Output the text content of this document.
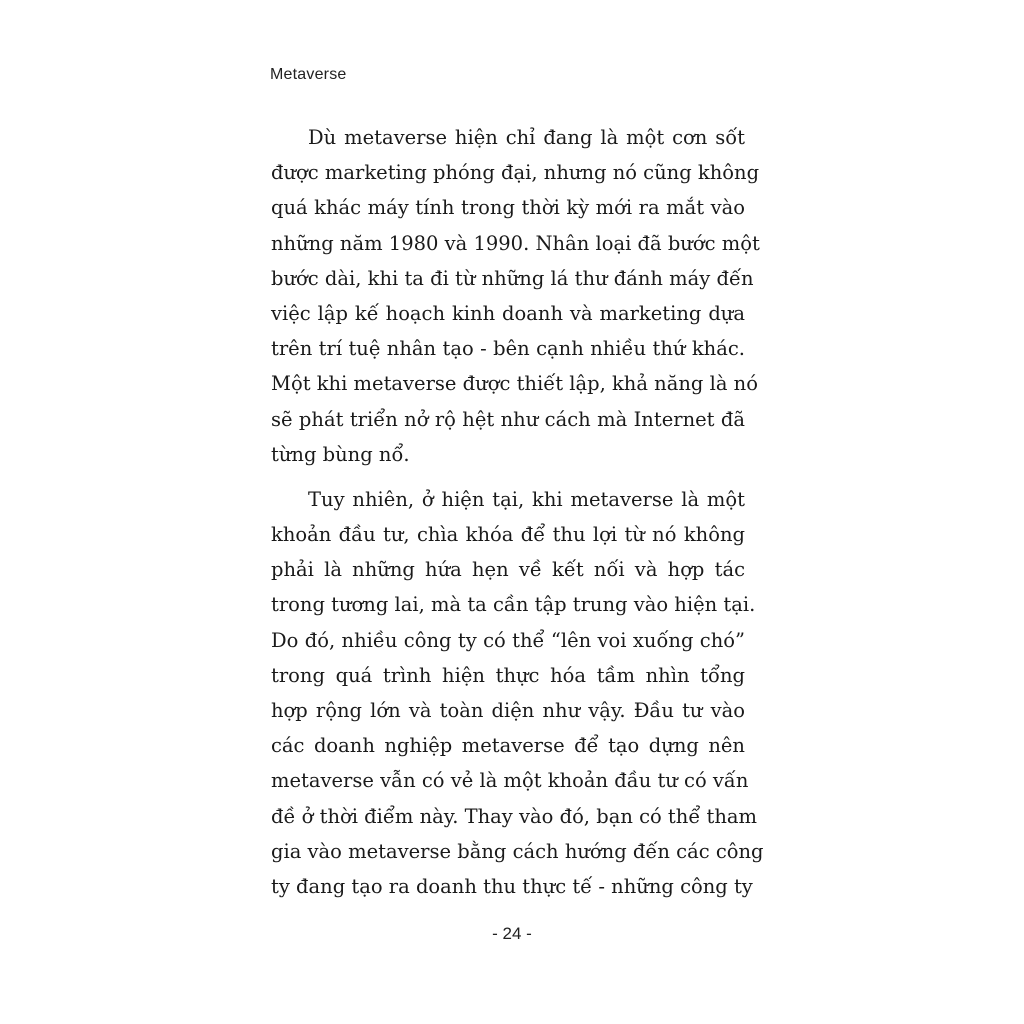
Metaverse

Dù metaverse hiện chỉ đang là một cơn sốt
được marketing phóng đại, nhưng nó cũng không
quá khác máy tính trong thời kỳ mới ra mắt vào
những năm 1980 và 1990. Nhân loại đã bước một
bước dài, khi ta đi từ những lá thư đánh máy đến
việc lập kế hoạch kinh doanh và marketing dựa
trên trí tuệ nhân tạo - bên cạnh nhiều thứ khác.
Một khi metaverse được thiết lập, khả năng là nó
sẽ phát triển nở rộ hệt như cách mà Internet đã
từng bùng nổ.

Tuy nhiên, ở hiện tại, khi metaverse là một
khoản đầu tư, chìa khóa để thu lợi từ nó không
phải là những hứa hẹn về kết nối và hợp tác
trong tương lai, mà ta cần tập trung vào hiện tại.
Do đó, nhiều công ty có thể “lên voi xuống chó”
trong quá trình hiện thực hóa tầm nhìn tổng
hợp rộng lớn và toàn diện như vậy. Đầu tư vào
các doanh nghiệp metaverse để tạo dựng nên
metaverse vẫn có vẻ là một khoản đầu tư có vấn
đề ở thời điểm này. Thay vào đó, bạn có thể tham
gia vào metaverse bằng cách hướng đến các công
ty đang tạo ra doanh thu thực tế - những công ty

- 24 -
